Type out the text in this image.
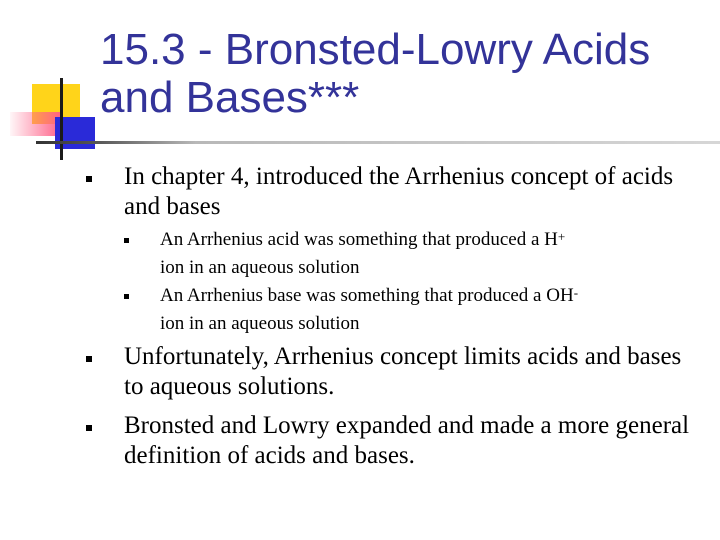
15.3 - Bronsted-Lowry Acids and Bases***
In chapter 4, introduced the Arrhenius concept of acids and bases
An Arrhenius acid was something that produced a H+
ion in an aqueous solution
An Arrhenius base was something that produced a OH-
ion in an aqueous solution
Unfortunately, Arrhenius concept limits acids and bases to aqueous solutions.
Bronsted and Lowry expanded and made a more general definition of acids and bases.
